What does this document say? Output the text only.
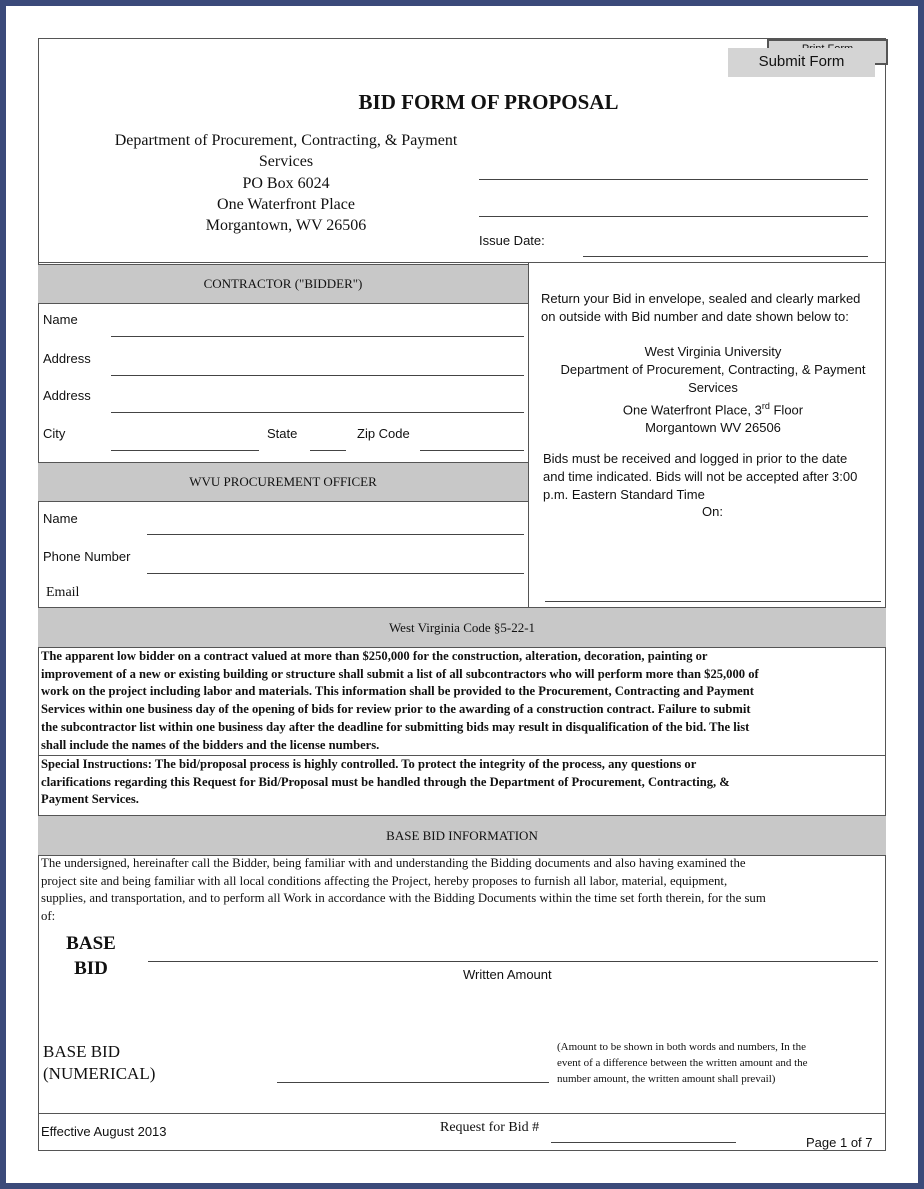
Submit Form
BID FORM OF PROPOSAL
Department of Procurement, Contracting, & Payment
Services
PO Box 6024
One Waterfront Place
Morgantown, WV 26506
Issue Date:
CONTRACTOR ("BIDDER")
Name
Address
Address
City	State	Zip Code
WVU PROCUREMENT OFFICER
Name
Phone Number
Email
Return your Bid in envelope, sealed and clearly marked
on outside with Bid number and date shown below to:
West Virginia University
Department of Procurement, Contracting, & Payment
Services
One Waterfront Place, 3rd Floor
Morgantown WV 26506
Bids must be received and logged in prior to the date
and time indicated. Bids will not be accepted after 3:00
p.m. Eastern Standard Time
On:
West Virginia Code §5-22-1
The apparent low bidder on a contract valued at more than $250,000 for the construction, alteration, decoration, painting or
improvement of a new or existing building or structure shall submit a list of all subcontractors who will perform more than $25,000 of
work on the project including labor and materials. This information shall be provided to the Procurement, Contracting and Payment
Services within one business day of the opening of bids for review prior to the awarding of a construction contract. Failure to submit
the subcontractor list within one business day after the deadline for submitting bids may result in disqualification of the bid. The list
shall include the names of the bidders and the license numbers.
Special Instructions: The bid/proposal process is highly controlled. To protect the integrity of the process, any questions or
clarifications regarding this Request for Bid/Proposal must be handled through the Department of Procurement, Contracting, &
Payment Services.
BASE BID INFORMATION
The undersigned, hereinafter call the Bidder, being familiar with and understanding the Bidding documents and also having examined the
project site and being familiar with all local conditions affecting the Project, hereby proposes to furnish all labor, material, equipment,
supplies, and transportation, and to perform all Work in accordance with the Bidding Documents within the time set forth therein, for the sum
of:
BASE
BID	Written Amount
BASE BID
(NUMERICAL)
(Amount to be shown in both words and numbers, In the
event of a difference between the written amount and the
number amount, the written amount shall prevail)
Effective August 2013	Request for Bid #
Page 1 of 7
